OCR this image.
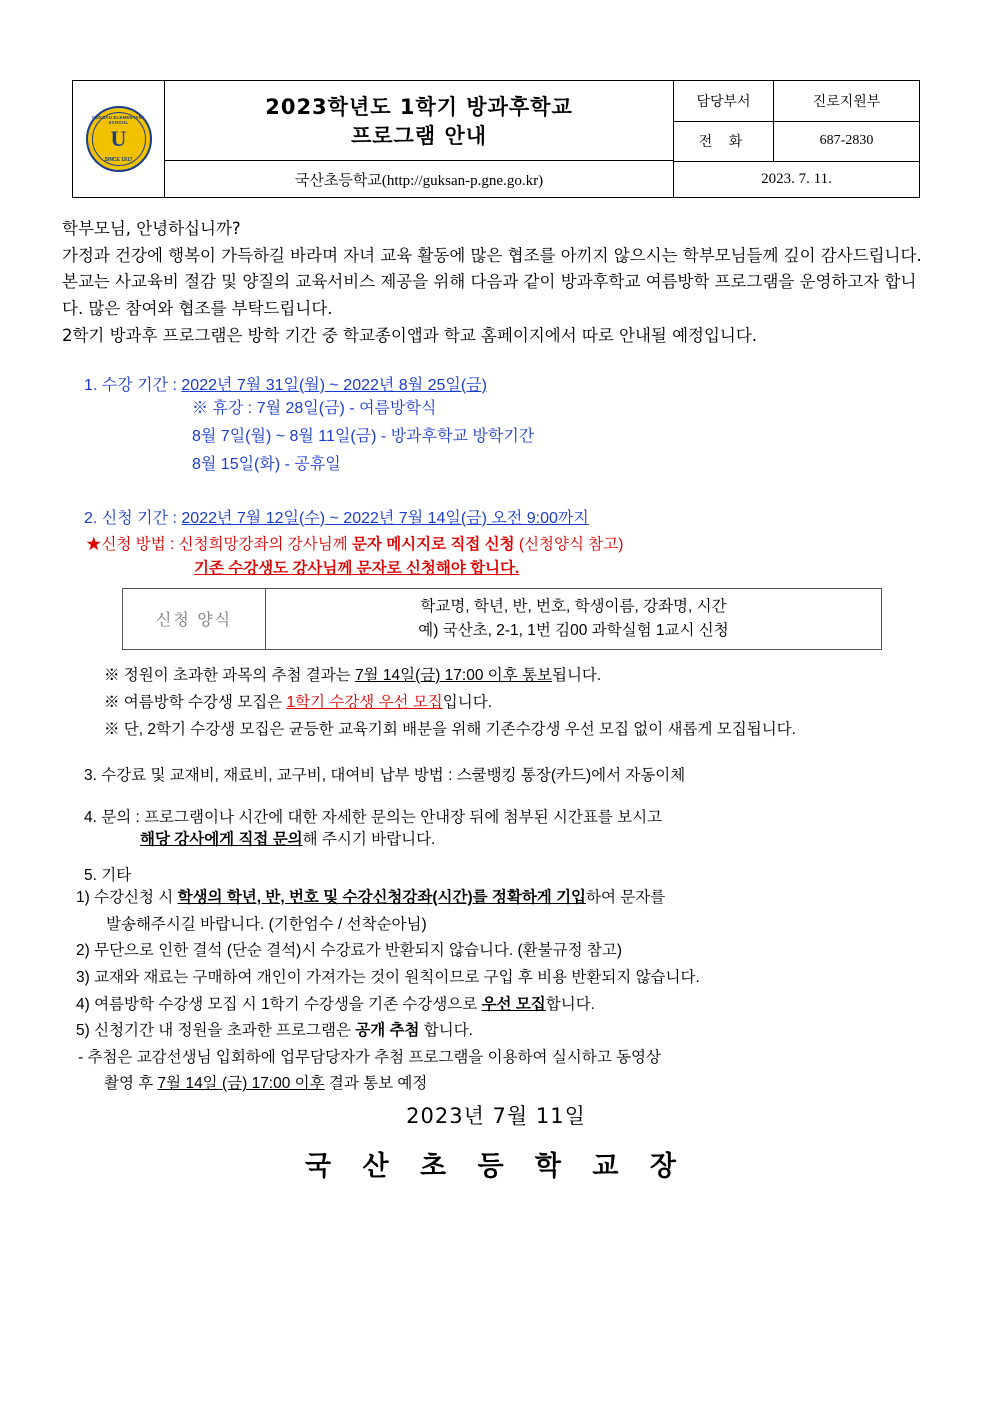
GUKSAN ELEMENTARY SCHOOL
U
SINCE 1917
2023학년도 1학기 방과후학교
프로그램 안내
국산초등학교(http://guksan-p.gne.go.kr)
담당부서	진로지원부
전 화	687-2830
2023. 7. 11.

학부모님, 안녕하십니까?

가정과 건강에 행복이 가득하길 바라며 자녀 교육 활동에 많은 협조를 아끼지 않으시는 학부모님들께 깊이 감사드립니다. 본교는 사교육비 절감 및 양질의 교육서비스 제공을 위해 다음과 같이 방과후학교 여름방학 프로그램을 운영하고자 합니다. 많은 참여와 협조를 부탁드립니다.

2학기 방과후 프로그램은 방학 기간 중 학교종이앱과 학교 홈페이지에서 따로 안내될 예정입니다.

1. 수강 기간 : 2022년 7월 31일(월) ~ 2022년 8월 25일(금)
※ 휴강 : 7월 28일(금) - 여름방학식
8월 7일(월) ~ 8월 11일(금) - 방과후학교 방학기간
8월 15일(화) - 공휴일
2. 신청 기간 : 2022년 7월 12일(수) ~ 2022년 7월 14일(금) 오전 9:00까지
★신청 방법 : 신청희망강좌의 강사님께 문자 메시지로 직접 신청 (신청양식 참고)
기존 수강생도 강사님께 문자로 신청해야 합니다.
신청 양식
학교명, 학년, 반, 번호, 학생이름, 강좌명, 시간
예) 국산초, 2-1, 1번 김00 과학실험 1교시 신청
※ 정원이 초과한 과목의 추첨 결과는 7월 14일(금) 17:00 이후 통보됩니다.
※ 여름방학 수강생 모집은 1학기 수강생 우선 모집입니다.
※ 단, 2학기 수강생 모집은 균등한 교육기회 배분을 위해 기존수강생 우선 모집 없이 새롭게 모집됩니다.
3. 수강료 및 교재비, 재료비, 교구비, 대여비 납부 방법 : 스쿨뱅킹 통장(카드)에서 자동이체
4. 문의 : 프로그램이나 시간에 대한 자세한 문의는 안내장 뒤에 첨부된 시간표를 보시고
해당 강사에게 직접 문의해 주시기 바랍니다.
5. 기타
1) 수강신청 시 학생의 학년, 반, 번호 및 수강신청강좌(시간)를 정확하게 기입하여 문자를
발송해주시길 바랍니다. (기한엄수 / 선착순아님)
2) 무단으로 인한 결석 (단순 결석)시 수강료가 반환되지 않습니다. (환불규정 참고)
3) 교재와 재료는 구매하여 개인이 가져가는 것이 원칙이므로 구입 후 비용 반환되지 않습니다.
4) 여름방학 수강생 모집 시 1학기 수강생을 기존 수강생으로 우선 모집합니다.
5) 신청기간 내 정원을 초과한 프로그램은 공개 추첨 합니다.
- 추첨은 교감선생님 입회하에 업무담당자가 추첨 프로그램을 이용하여 실시하고 동영상
촬영 후 7월 14일 (금) 17:00 이후 결과 통보 예정
2023년 7월 11일
국 산 초 등 학 교 장
